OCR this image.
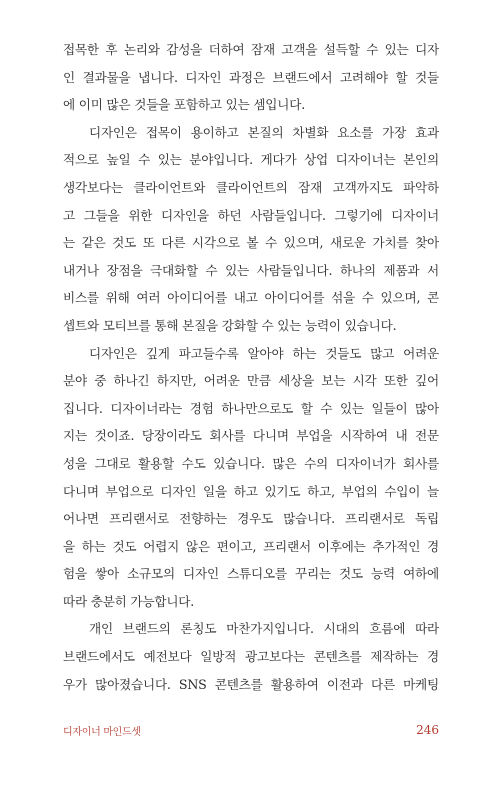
접목한 후 논리와 감성을 더하여 잠재 고객을 설득할 수 있는 디자
인 결과물을 냅니다. 디자인 과정은 브랜드에서 고려해야 할 것들
에 이미 많은 것들을 포함하고 있는 셈입니다.
디자인은 접목이 용이하고 본질의 차별화 요소를 가장 효과
적으로 높일 수 있는 분야입니다. 게다가 상업 디자이너는 본인의
생각보다는 클라이언트와 클라이언트의 잠재 고객까지도 파악하
고 그들을 위한 디자인을 하던 사람들입니다. 그렇기에 디자이너
는 같은 것도 또 다른 시각으로 볼 수 있으며, 새로운 가치를 찾아
내거나 장점을 극대화할 수 있는 사람들입니다. 하나의 제품과 서
비스를 위해 여러 아이디어를 내고 아이디어를 섞을 수 있으며, 콘
셉트와 모티브를 통해 본질을 강화할 수 있는 능력이 있습니다.
디자인은 깊게 파고들수록 알아야 하는 것들도 많고 어려운
분야 중 하나긴 하지만, 어려운 만큼 세상을 보는 시각 또한 깊어
집니다. 디자이너라는 경험 하나만으로도 할 수 있는 일들이 많아
지는 것이죠. 당장이라도 회사를 다니며 부업을 시작하여 내 전문
성을 그대로 활용할 수도 있습니다. 많은 수의 디자이너가 회사를
다니며 부업으로 디자인 일을 하고 있기도 하고, 부업의 수입이 늘
어나면 프리랜서로 전향하는 경우도 많습니다. 프리랜서로 독립
을 하는 것도 어렵지 않은 편이고, 프리랜서 이후에는 추가적인 경
험을 쌓아 소규모의 디자인 스튜디오를 꾸리는 것도 능력 여하에
따라 충분히 가능합니다.
개인 브랜드의 론칭도 마찬가지입니다. 시대의 흐름에 따라
브랜드에서도 예전보다 일방적 광고보다는 콘텐츠를 제작하는 경
우가 많아졌습니다. SNS 콘텐츠를 활용하여 이전과 다른 마케팅
디자이너 마인드셋	246
